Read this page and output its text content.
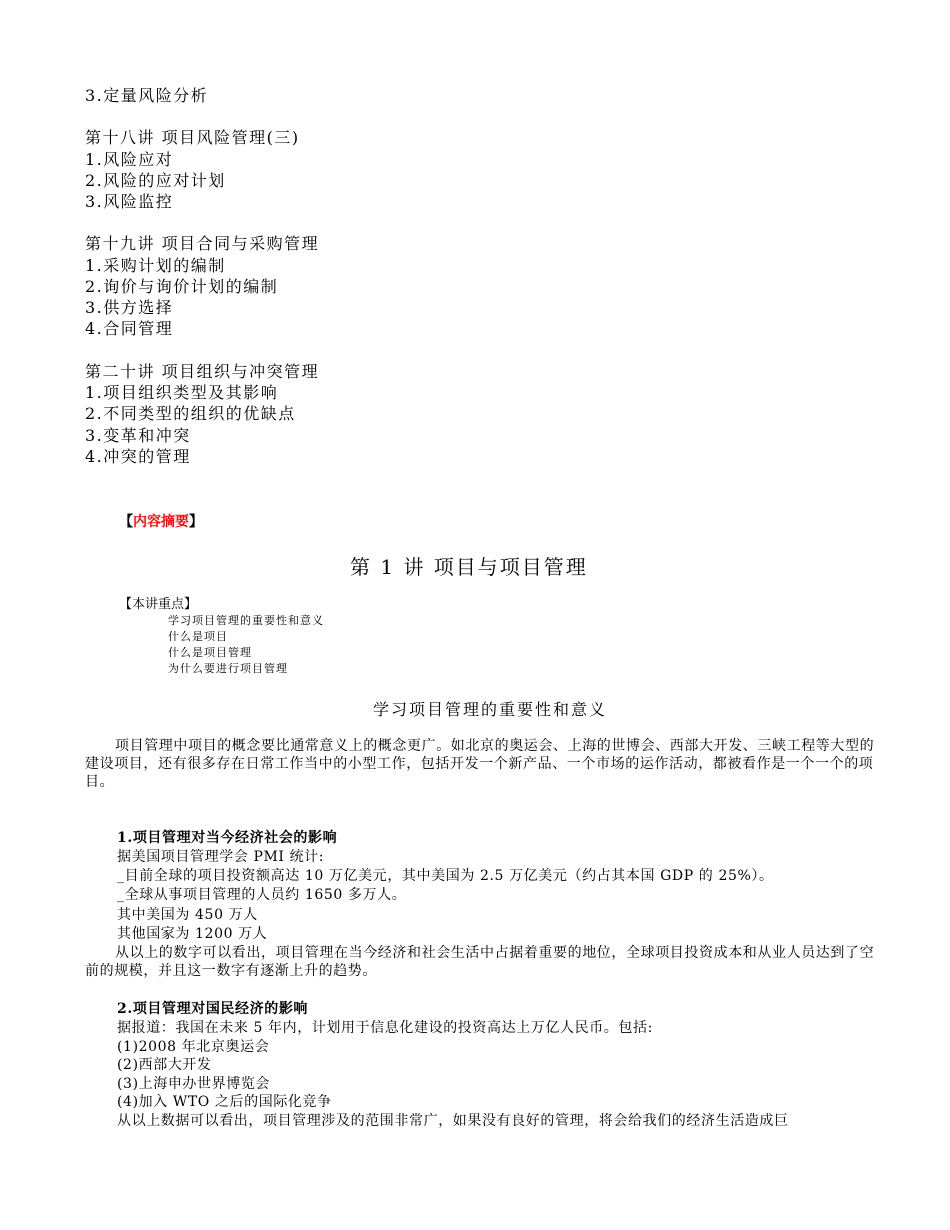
3.定量风险分析
第十八讲 项目风险管理(三)
1.风险应对
2.风险的应对计划
3.风险监控
第十九讲 项目合同与采购管理
1.采购计划的编制
2.询价与询价计划的编制
3.供方选择
4.合同管理
第二十讲 项目组织与冲突管理
1.项目组织类型及其影响
2.不同类型的组织的优缺点
3.变革和冲突
4.冲突的管理
【内容摘要】
第 1 讲 项目与项目管理
【本讲重点】
学习项目管理的重要性和意义
什么是项目
什么是项目管理
为什么要进行项目管理
学习项目管理的重要性和意义
项目管理中项目的概念要比通常意义上的概念更广。如北京的奥运会、上海的世博会、西部大开发、三峡工程等大型的建设项目，还有很多存在日常工作当中的小型工作，包括开发一个新产品、一个市场的运作活动，都被看作是一个一个的项目。
1.项目管理对当今经济社会的影响
据美国项目管理学会 PMI 统计:
_目前全球的项目投资额高达 10 万亿美元，其中美国为 2.5 万亿美元（约占其本国 GDP 的 25%）。
_全球从事项目管理的人员约 1650 多万人。
其中美国为 450 万人
其他国家为 1200 万人
从以上的数字可以看出，项目管理在当今经济和社会生活中占据着重要的地位，全球项目投资成本和从业人员达到了空前的规模，并且这一数字有逐渐上升的趋势。
2.项目管理对国民经济的影响
据报道：我国在未来 5 年内，计划用于信息化建设的投资高达上万亿人民币。包括:
(1)2008 年北京奥运会
(2)西部大开发
(3)上海申办世界博览会
(4)加入 WTO 之后的国际化竞争
从以上数据可以看出，项目管理涉及的范围非常广，如果没有良好的管理，将会给我们的经济生活造成巨
